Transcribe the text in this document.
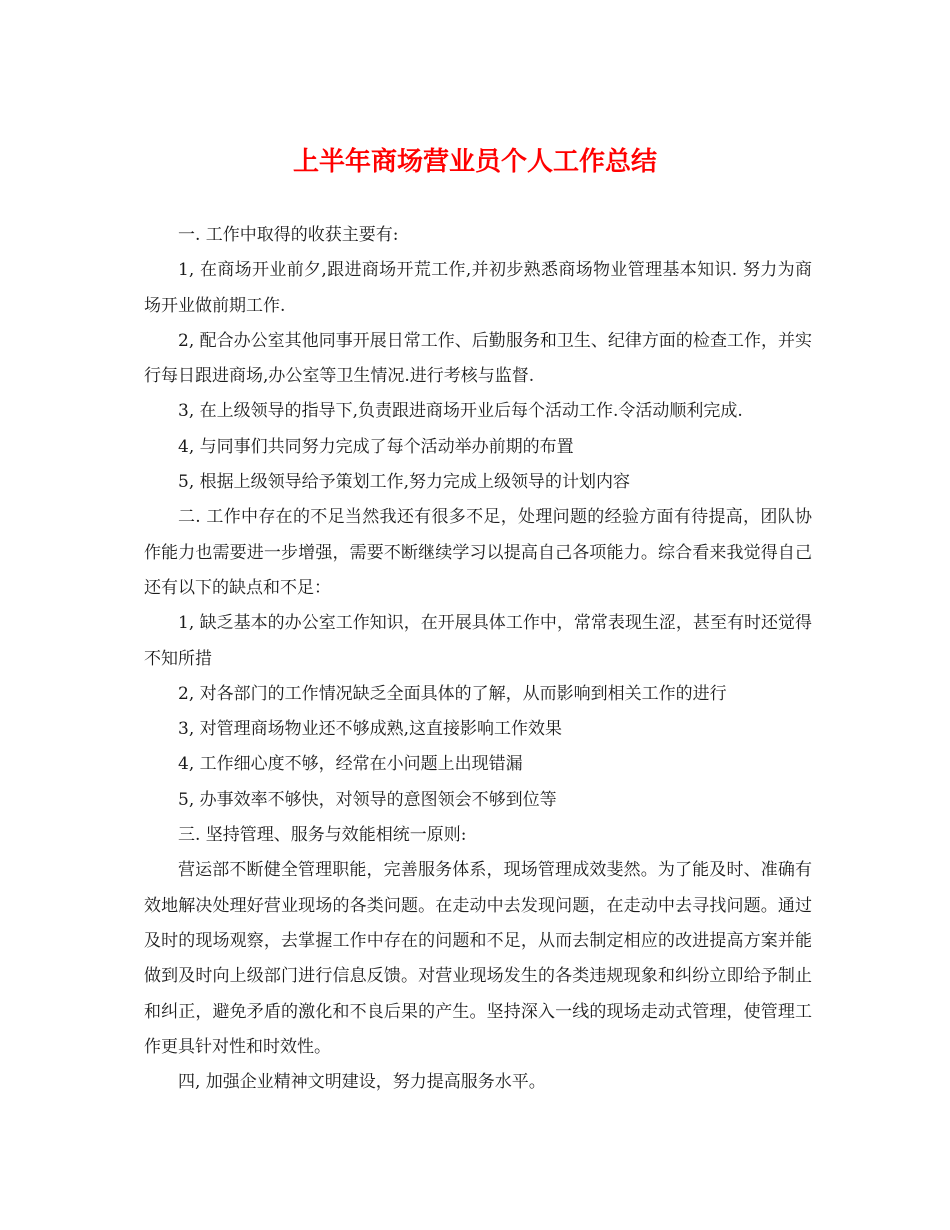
上半年商场营业员个人工作总结

一. 工作中取得的收获主要有:

1, 在商场开业前夕,跟进商场开荒工作,并初步熟悉商场物业管理基本知识. 努力为商场开业做前期工作.

2, 配合办公室其他同事开展日常工作、后勤服务和卫生、纪律方面的检查工作，并实行每日跟进商场,办公室等卫生情况.进行考核与监督.

3, 在上级领导的指导下,负责跟进商场开业后每个活动工作.令活动顺利完成.

4, 与同事们共同努力完成了每个活动举办前期的布置

5, 根据上级领导给予策划工作,努力完成上级领导的计划内容

二. 工作中存在的不足当然我还有很多不足，处理问题的经验方面有待提高，团队协作能力也需要进一步增强，需要不断继续学习以提高自己各项能力。综合看来我觉得自己还有以下的缺点和不足：

1, 缺乏基本的办公室工作知识，在开展具体工作中，常常表现生涩，甚至有时还觉得不知所措

2, 对各部门的工作情况缺乏全面具体的了解，从而影响到相关工作的进行

3, 对管理商场物业还不够成熟,这直接影响工作效果

4, 工作细心度不够，经常在小问题上出现错漏

5, 办事效率不够快，对领导的意图领会不够到位等

三. 坚持管理、服务与效能相统一原则:

营运部不断健全管理职能，完善服务体系，现场管理成效斐然。为了能及时、准确有效地解决处理好营业现场的各类问题。在走动中去发现问题，在走动中去寻找问题。通过及时的现场观察，去掌握工作中存在的问题和不足，从而去制定相应的改进提高方案并能做到及时向上级部门进行信息反馈。对营业现场发生的各类违规现象和纠纷立即给予制止和纠正，避免矛盾的激化和不良后果的产生。坚持深入一线的现场走动式管理，使管理工作更具针对性和时效性。

四, 加强企业精神文明建设，努力提高服务水平。
